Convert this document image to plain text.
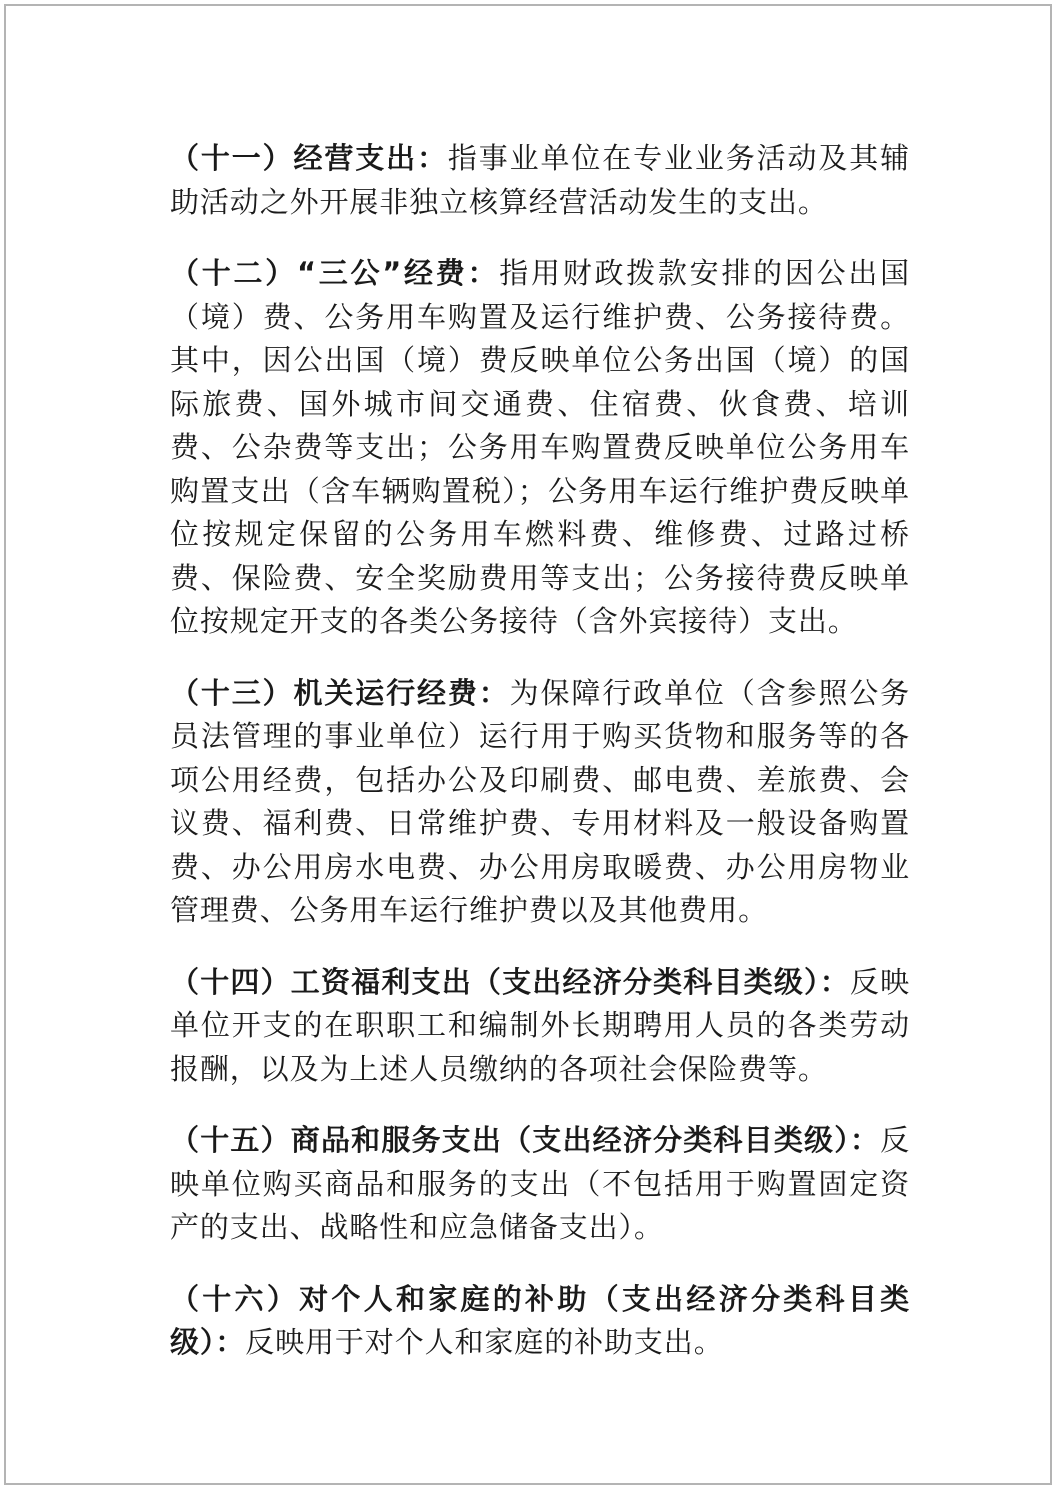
（十一）经营支出：指事业单位在专业业务活动及其辅助活动之外开展非独立核算经营活动发生的支出。

（十二）“三公”经费：指用财政拨款安排的因公出国（境）费、公务用车购置及运行维护费、公务接待费。其中，因公出国（境）费反映单位公务出国（境）的国际旅费、国外城市间交通费、住宿费、伙食费、培训费、公杂费等支出；公务用车购置费反映单位公务用车购置支出（含车辆购置税）；公务用车运行维护费反映单位按规定保留的公务用车燃料费、维修费、过路过桥费、保险费、安全奖励费用等支出；公务接待费反映单位按规定开支的各类公务接待（含外宾接待）支出。

（十三）机关运行经费：为保障行政单位（含参照公务员法管理的事业单位）运行用于购买货物和服务等的各项公用经费，包括办公及印刷费、邮电费、差旅费、会议费、福利费、日常维护费、专用材料及一般设备购置费、办公用房水电费、办公用房取暖费、办公用房物业管理费、公务用车运行维护费以及其他费用。

（十四）工资福利支出（支出经济分类科目类级）：反映单位开支的在职职工和编制外长期聘用人员的各类劳动报酬，以及为上述人员缴纳的各项社会保险费等。

（十五）商品和服务支出（支出经济分类科目类级）：反映单位购买商品和服务的支出（不包括用于购置固定资产的支出、战略性和应急储备支出）。

（十六）对个人和家庭的补助（支出经济分类科目类级）：反映用于对个人和家庭的补助支出。
